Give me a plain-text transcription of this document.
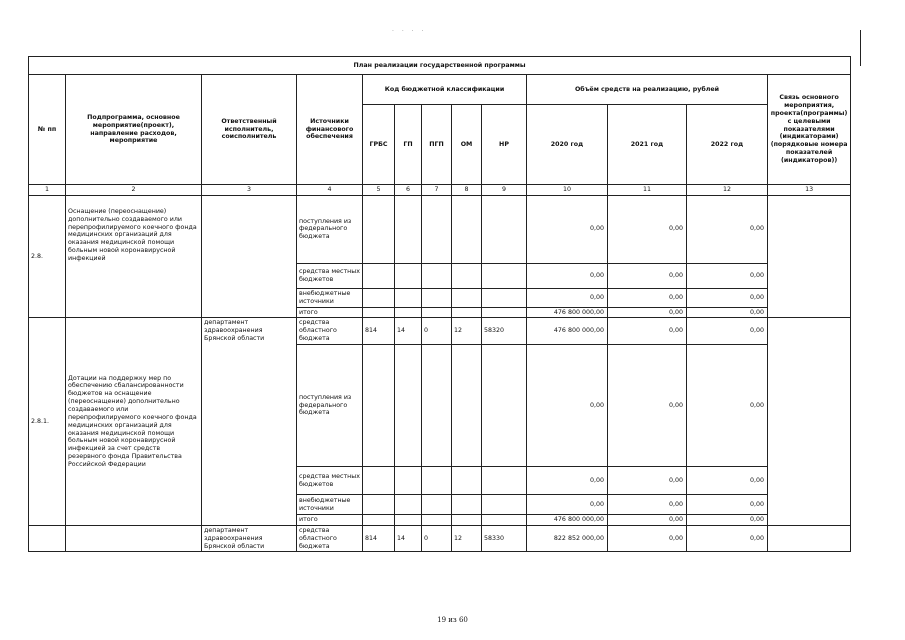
· · · ·
План реализации государственной программы												
№ пп	Подпрограмма, основное мероприятие(проект), направление расходов, мероприятие	Ответственный исполнитель, соисполнитель	Источники финансового обеспечения	Код бюджетной классификации					Объём средств на реализацию, рублей			Связь основного мероприятия, проекта(программы) с целевыми показателями (индикаторами) (порядковые номера показателей (индикаторов))
				ГРБС	ГП	ПГП	ОМ	НР	2020 год	2021 год	2022 год	
1	2	3	4	5	6	7	8	9	10	11	12	13
2.8.	Оснащение (переоснащение) дополнительно создаваемого или перепрофилируемого коечного фонда медицинских организаций для оказания медицинской помощи больным новой коронавирусной инфекцией		поступления из федерального бюджета						0,00	0,00	0,00	
			средства местных бюджетов						0,00	0,00	0,00	
			внебюджетные источники						0,00	0,00	0,00	
			итого						476 800 000,00	0,00	0,00	
2.8.1.	Дотации на поддержку мер по обеспечению сбалансированности бюджетов на оснащение (переоснащение) дополнительно создаваемого или перепрофилируемого коечного фонда медицинских организаций для оказания медицинской помощи больным новой коронавирусной инфекцией за счет средств резервного фонда Правительства Российской Федерации	департамент здравоохранения Брянской области	средства областного бюджета	814	14	0	12	58320	476 800 000,00	0,00	0,00	
			поступления из федерального бюджета						0,00	0,00	0,00	
			средства местных бюджетов						0,00	0,00	0,00	
			внебюджетные источники						0,00	0,00	0,00	
			итого						476 800 000,00	0,00	0,00	
		департамент здравоохранения Брянской области	средства областного бюджета	814	14	0	12	58330	822 852 000,00	0,00	0,00	
19 из 60
